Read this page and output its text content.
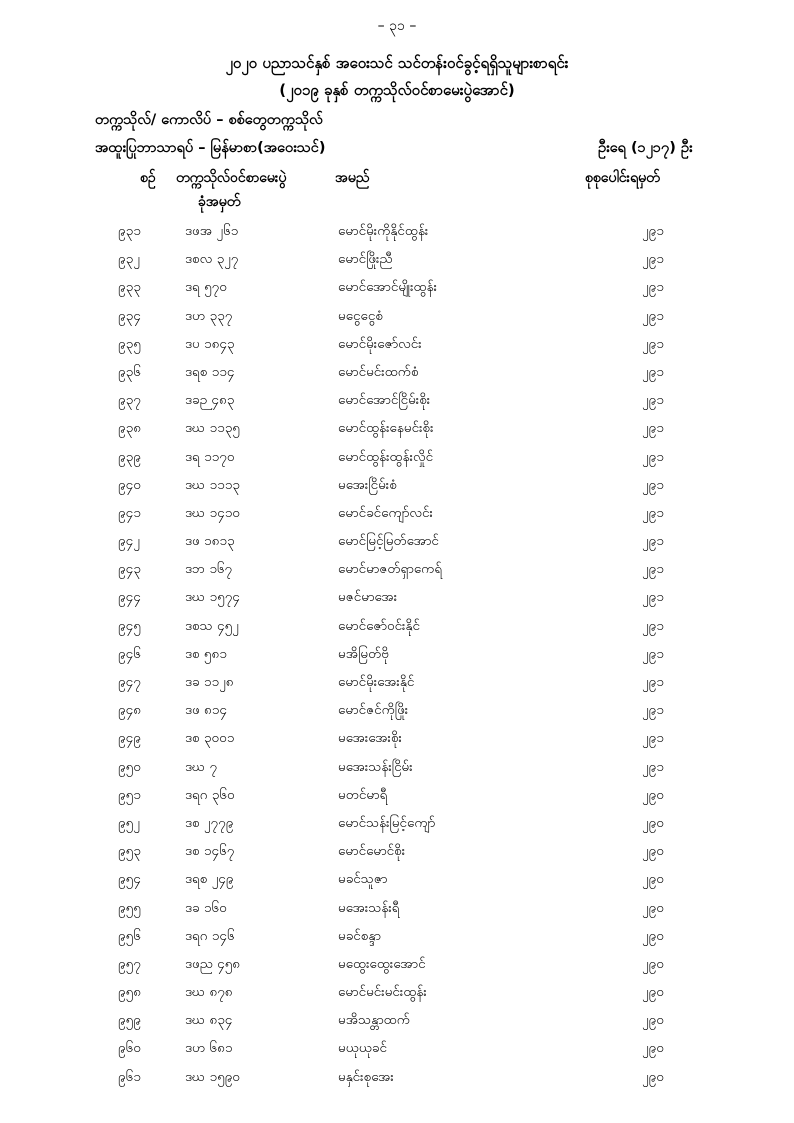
– ၃၁ –
၂၀၂၀ ပညာသင်နှစ် အဝေးသင် သင်တန်းဝင်ခွင့်ရရှိသူများစာရင်း
(၂၀၁၉ ခုနှစ် တက္ကသိုလ်ဝင်စာမေးပွဲအောင်)
တက္ကသိုလ်/ ကောလိပ် – စစ်တွေတက္ကသိုလ်
အထူးပြုဘာသာရပ် – မြန်မာစာ(အဝေးသင်)	ဦးရေ (၁၂၁၇) ဦး
စဉ် တက္ကသိုလ်ဝင်စာမေးပွဲ
ခုံအမှတ်
အမည်	စုစုပေါင်းရမှတ်
၉၃၁	ဒဖအ ၂၆၁	မောင်မိုးကိုနိုင်ထွန်း	၂၉၁
၉၃၂	ဒစလ ၃၂၇	မောင်ဖြိုးညီ	၂၉၁
၉၃၃	ဒရ ၅၇၀	မောင်အောင်မျိုးထွန်း	၂၉၁
၉၃၄	ဒဟ ၃၃၇	မငွေငွေစံ	၂၉၁
၉၃၅	ဒပ ၁၈၄၃	မောင်မိုးဇော်လင်း	၂၉၁
၉၃၆	ဒရစ ၁၁၄	မောင်မင်းထက်စံ	၂၉၁
၉၃၇	ဒခဉ ၄၈၃	မောင်အောင်ငြိမ်းစိုး	၂၉၁
၉၃၈	ဒဃ ၁၁၃၅	မောင်ထွန်းနေမင်းစိုး	၂၉၁
၉၃၉	ဒရ ၁၁၇၀	မောင်ထွန်းထွန်းလှိုင်	၂၉၁
၉၄၀	ဒဃ ၁၁၁၃	မအေးငြိမ်းစံ	၂၉၁
၉၄၁	ဒဃ ၁၄၁၀	မောင်ခင်ကျော်လင်း	၂၉၁
၉၄၂	ဒဖ ၁၈၁၃	မောင်မြင့်မြတ်အောင်	၂၉၁
၉၄၃	ဒဘ ၁၆၇	မောင်မာဇတ်ရှာကေရ်	၂၉၁
၉၄၄	ဒဃ ၁၅၇၄	မဇင်မာအေး	၂၉၁
၉၄၅	ဒစသ ၄၅၂	မောင်ဇော်ဝင်းနိုင်	၂၉၁
၉၄၆	ဒစ ၅၈၁	မအိမြတ်ဗို	၂၉၁
၉၄၇	ဒခ ၁၁၂၈	မောင်မိုးအေးနိုင်	၂၉၁
၉၄၈	ဒဖ ၈၁၄	မောင်ဇင်ကိုဖြိုး	၂၉၁
၉၄၉	ဒစ ၃၀၀၁	မအေးအေးစိုး	၂၉၁
၉၅၀	ဒဃ ၇	မအေးသန်းငြိမ်း	၂၉၁
၉၅၁	ဒရဂ ၃၆၀	မတင်မာရီ	၂၉၀
၉၅၂	ဒစ ၂၇၇၉	မောင်သန်းမြင့်ကျော်	၂၉၀
၉၅၃	ဒစ ၁၄၆၇	မောင်မောင်စိုး	၂၉၀
၉၅၄	ဒရစ ၂၄၉	မခင်သူဇာ	၂၉၀
၉၅၅	ဒခ ၁၆၀	မအေးသန်းရီ	၂၉၀
၉၅၆	ဒရဂ ၁၄၆	မခင်စန္ဒာ	၂၉၀
၉၅၇	ဒဖည ၄၅၈	မထွေးထွေးအောင်	၂၉၀
၉၅၈	ဒဃ ၈၇၈	မောင်မင်းမင်းထွန်း	၂၉၀
၉၅၉	ဒဃ ၈၃၄	မအိသန္တာထက်	၂၉၀
၉၆၀	ဒဟ ၆၈၁	မယုယုခင်	၂၉၀
၉၆၁	ဒဃ ၁၅၉၀	မနှင်းစုအေး	၂၉၀
